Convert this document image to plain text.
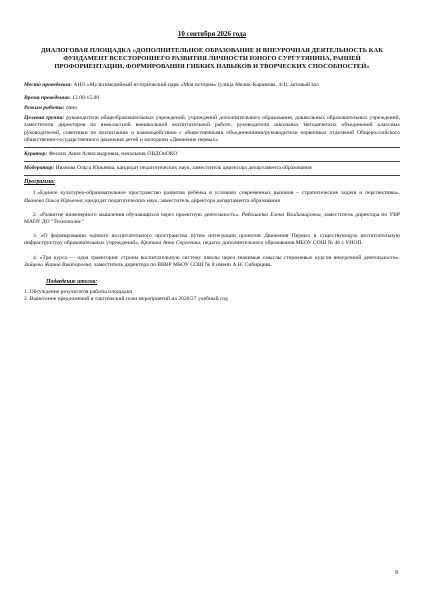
10 сентября 2026 года
ДИАЛОГОВАЯ ПЛОЩАДКА «ДОПОЛНИТЕЛЬНОЕ ОБРАЗОВАНИЕ И ВНЕУРОЧНАЯ ДЕЯТЕЛЬНОСТЬ КАК ФУНДАМЕНТ ВСЕСТОРОННЕГО РАЗВИТИЯ ЛИЧНОСТИ ЮНОГО СУРГУТЯНИНА, РАННЕЙ ПРОФОРИЕНТАЦИИ, ФОРМИРОВАНИЯ ГИБКИХ НАВЫКОВ И ТВОРЧЕСКИХ СПОСОБНОСТЕЙ»

Место проведения: АНО «Мультимедийный исторический парк «Моя история» (улица Мелик-Карамова, 4/4), актовый зал

Время проведения: 13.00-15.00

Режим работы: очно

Целевая группа: руководители общеобразовательных учреждений, учреждений дополнительного образования, дошкольных образовательных учреждений, заместители директоров по внеклассной внешкольной воспитательной работе, руководители школьных методических объединений классных руководителей, советники по воспитанию и взаимодействию с общественными объединениями/руководители первичных отделений Общероссийского общественно-государственного движения детей и молодежи «Движение первых»

Куратор: Феских Анна Александровна, начальник ОВДОиОКО

Модератор: Иванова Ольга Юрьевна, кандидат педагогических наук, заместитель директора департамента образования

Программа:

1.«Единое культурно-образовательное пространство развития ребёнка в условиях современных вызовов – стратегические задачи и перспективы». Иванова Ольга Юрьевна, кандидат педагогических наук, заместитель директора департамента образования

2. «Развитие инженерного мышления обучающихся через проектную деятельность». Рябошапко Елена Владимировна, заместитель директора по УВР МАОУ ДО "Технополис"

3. «О формировании единого воспитательного пространства путем интеграции проектов Движения Первых в существующую воспитательную инфраструктуру образовательных учреждений». Крапина Анна Сергеевна, педагог дополнительного образования МБОУ СОШ № 46 с УИОП.

4. «Три курса — одна траектория: строим воспитательную систему школы через значимые смыслы стержневых курсов внеурочной деятельности». Зайцева Жанна Викторовна, заместитель директора по ВВВР МБОУ СОШ № 8 имени А.Н. Сибирцева.

Подведение итогов:

1. Обсуждение результатов работы площадки

2. Вынесение предложений в тактический план мероприятий на 2026/27 учебный год

9
